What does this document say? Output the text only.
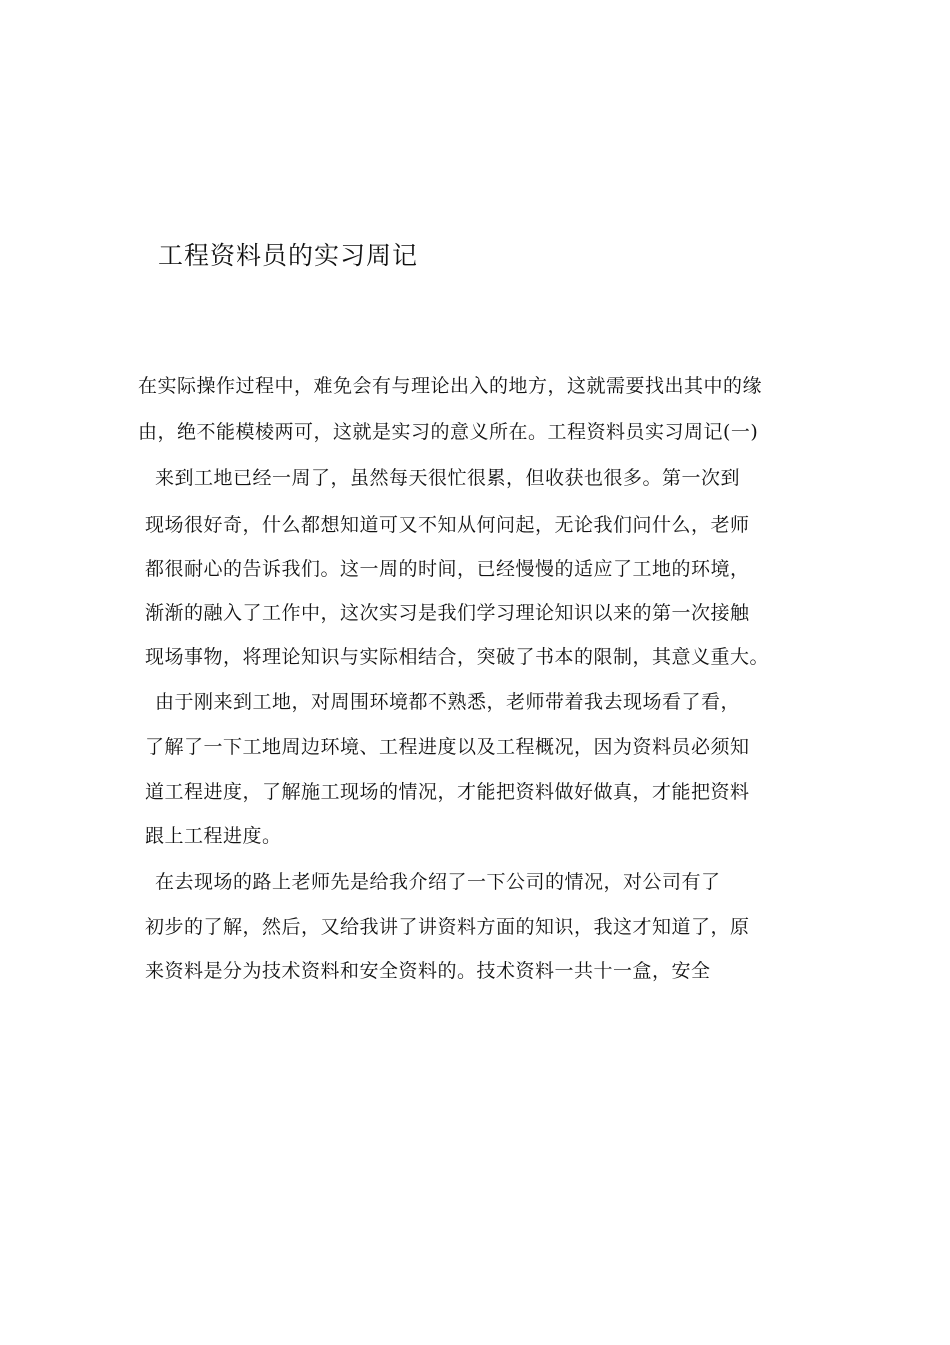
工程资料员的实习周记
在实际操作过程中，难免会有与理论出入的地方，这就需要找出其中的缘
由，绝不能模棱两可，这就是实习的意义所在。工程资料员实习周记(一)
来到工地已经一周了，虽然每天很忙很累，但收获也很多。第一次到
现场很好奇，什么都想知道可又不知从何问起，无论我们问什么，老师
都很耐心的告诉我们。这一周的时间，已经慢慢的适应了工地的环境，
渐渐的融入了工作中，这次实习是我们学习理论知识以来的第一次接触
现场事物，将理论知识与实际相结合，突破了书本的限制，其意义重大。
由于刚来到工地，对周围环境都不熟悉，老师带着我去现场看了看，
了解了一下工地周边环境、工程进度以及工程概况，因为资料员必须知
道工程进度，了解施工现场的情况，才能把资料做好做真，才能把资料
跟上工程进度。
在去现场的路上老师先是给我介绍了一下公司的情况，对公司有了
初步的了解，然后，又给我讲了讲资料方面的知识，我这才知道了，原
来资料是分为技术资料和安全资料的。技术资料一共十一盒，安全
